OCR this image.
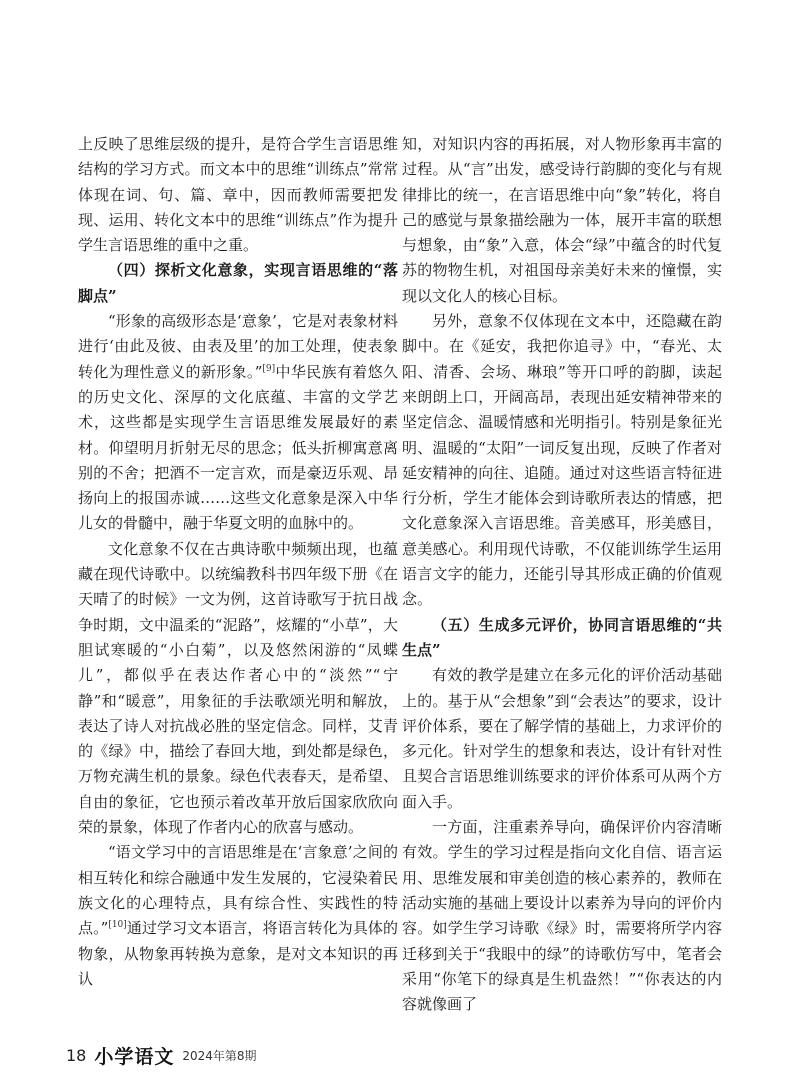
上反映了思维层级的提升，是符合学生言语思维结构的学习方式。而文本中的思维“训练点”常常体现在词、句、篇、章中，因而教师需要把发现、运用、转化文本中的思维“训练点”作为提升学生言语思维的重中之重。

（四）探析文化意象，实现言语思维的“落脚点”

“形象的高级形态是‘意象’，它是对表象材料进行‘由此及彼、由表及里’的加工处理，使表象转化为理性意义的新形象。”[9]中华民族有着悠久的历史文化、深厚的文化底蕴、丰富的文学艺术，这些都是实现学生言语思维发展最好的素材。仰望明月折射无尽的思念；低头折柳寓意离别的不舍；把酒不一定言欢，而是豪迈乐观、昂扬向上的报国赤诚……这些文化意象是深入中华儿女的骨髓中，融于华夏文明的血脉中的。

文化意象不仅在古典诗歌中频频出现，也蕴藏在现代诗歌中。以统编教科书四年级下册《在天晴了的时候》一文为例，这首诗歌写于抗日战争时期，文中温柔的“泥路”，炫耀的“小草”，大胆试寒暖的“小白菊”，以及悠然闲游的“凤蝶儿”，都似乎在表达作者心中的“淡然”“宁静”和“暖意”，用象征的手法歌颂光明和解放，表达了诗人对抗战必胜的坚定信念。同样，艾青的《绿》中，描绘了春回大地，到处都是绿色，万物充满生机的景象。绿色代表春天，是希望、自由的象征，它也预示着改革开放后国家欣欣向荣的景象，体现了作者内心的欣喜与感动。

“语文学习中的言语思维是在‘言象意’之间的相互转化和综合融通中发生发展的，它浸染着民族文化的心理特点，具有综合性、实践性的特点。”[10]通过学习文本语言，将语言转化为具体的物象，从物象再转换为意象，是对文本知识的再认

知，对知识内容的再拓展，对人物形象再丰富的过程。从“言”出发，感受诗行韵脚的变化与有规律排比的统一，在言语思维中向“象”转化，将自己的感觉与景象描绘融为一体，展开丰富的联想与想象，由“象”入意，体会“绿”中蕴含的时代复苏的物物生机，对祖国母亲美好未来的憧憬，实现以文化人的核心目标。

另外，意象不仅体现在文本中，还隐藏在韵脚中。在《延安，我把你追寻》中，“春光、太阳、清香、会场、琳琅”等开口呼的韵脚，读起来朗朗上口，开阔高昂，表现出延安精神带来的坚定信念、温暖情感和光明指引。特别是象征光明、温暖的“太阳”一词反复出现，反映了作者对延安精神的向往、追随。通过对这些语言特征进行分析，学生才能体会到诗歌所表达的情感，把文化意象深入言语思维。音美感耳，形美感目，意美感心。利用现代诗歌，不仅能训练学生运用语言文字的能力，还能引导其形成正确的价值观念。

（五）生成多元评价，协同言语思维的“共生点”

有效的教学是建立在多元化的评价活动基础上的。基于从“会想象”到“会表达”的要求，设计评价体系，要在了解学情的基础上，力求评价的多元化。针对学生的想象和表达，设计有针对性且契合言语思维训练要求的评价体系可从两个方面入手。

一方面，注重素养导向，确保评价内容清晰有效。学生的学习过程是指向文化自信、语言运用、思维发展和审美创造的核心素养的，教师在活动实施的基础上要设计以素养为导向的评价内容。如学生学习诗歌《绿》时，需要将所学内容迁移到关于“我眼中的绿”的诗歌仿写中，笔者会采用“你笔下的绿真是生机盎然！”“你表达的内容就像画了

18 小学语文 2024年第8期
